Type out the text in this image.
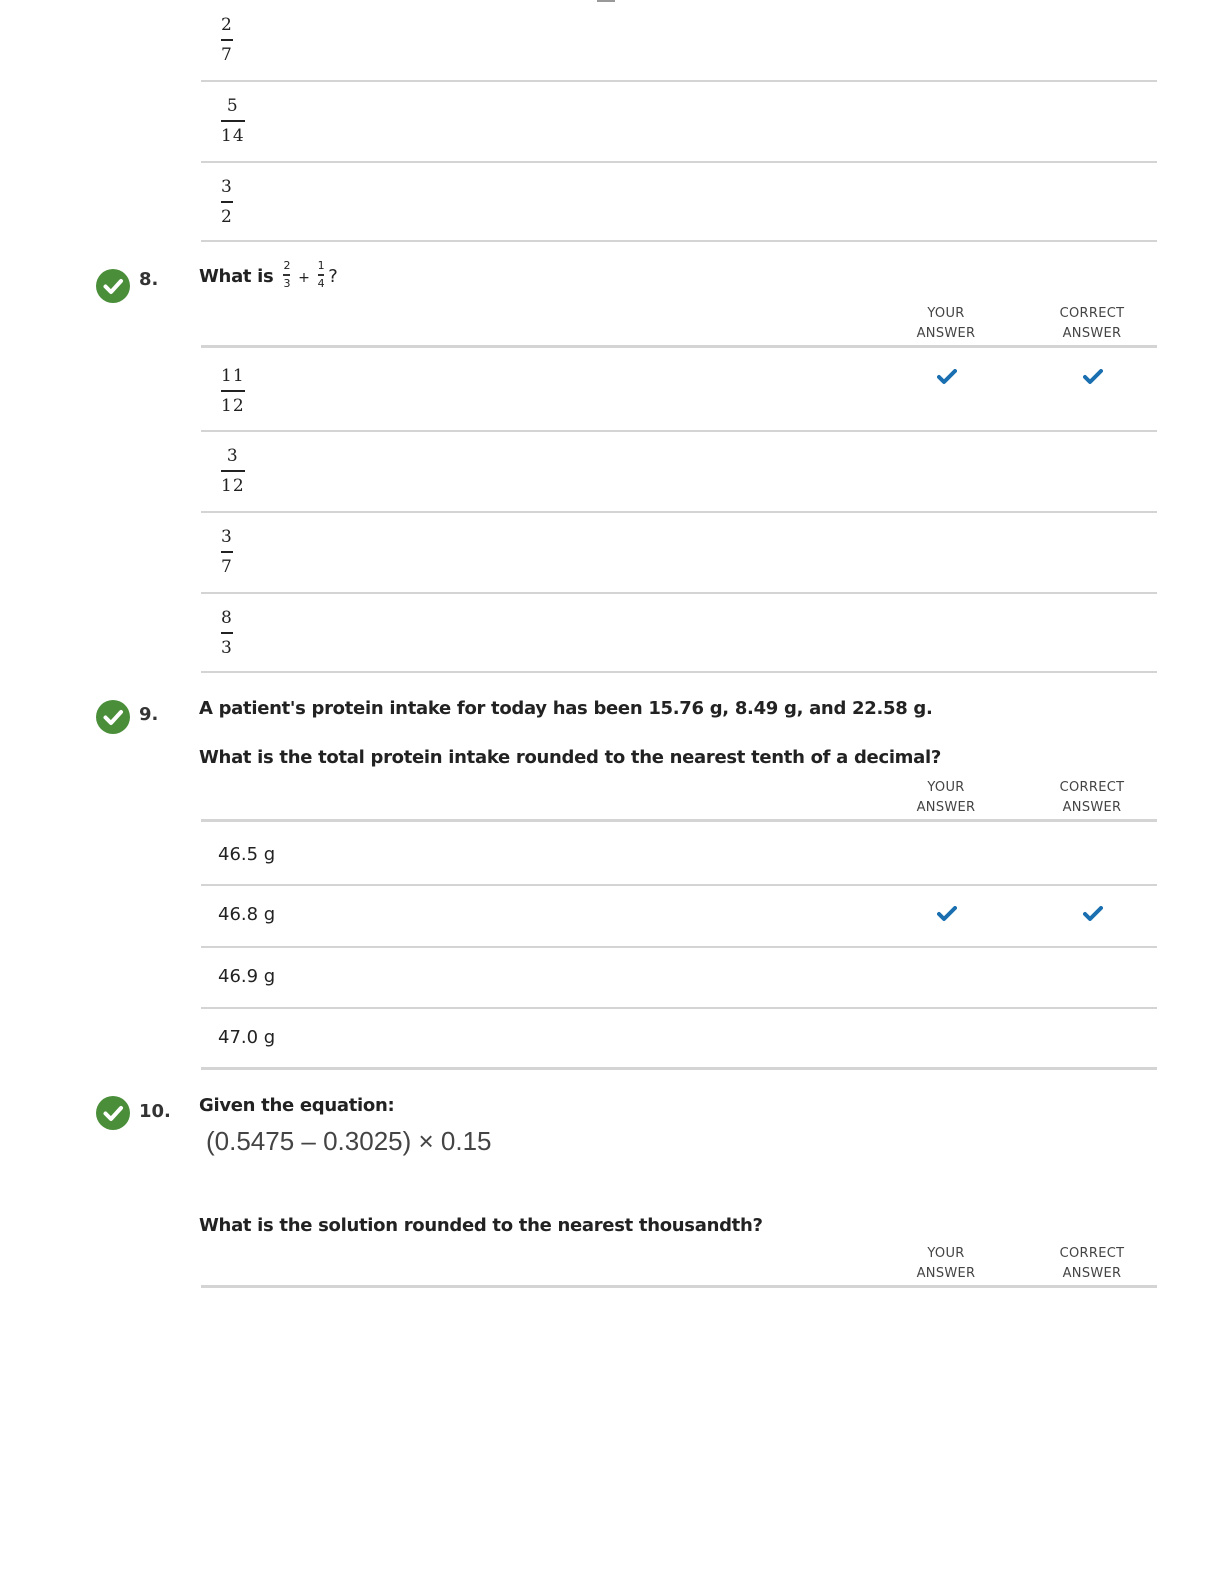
2
7
5
14
3
2
8. What is $\frac{2}{3} + \frac{1}{4}$ ?
YOUR
ANSWER
CORRECT
ANSWER
11
12
3
12
3
7
8
3
9. A patient's protein intake for today has been 15.76 g, 8.49 g, and 22.58 g.
What is the total protein intake rounded to the nearest tenth of a decimal?
YOUR
ANSWER
CORRECT
ANSWER
46.5 g
46.8 g
46.9 g
47.0 g
10. Given the equation:
(0.5475 – 0.3025) × 0.15
What is the solution rounded to the nearest thousandth?
YOUR
ANSWER
CORRECT
ANSWER
